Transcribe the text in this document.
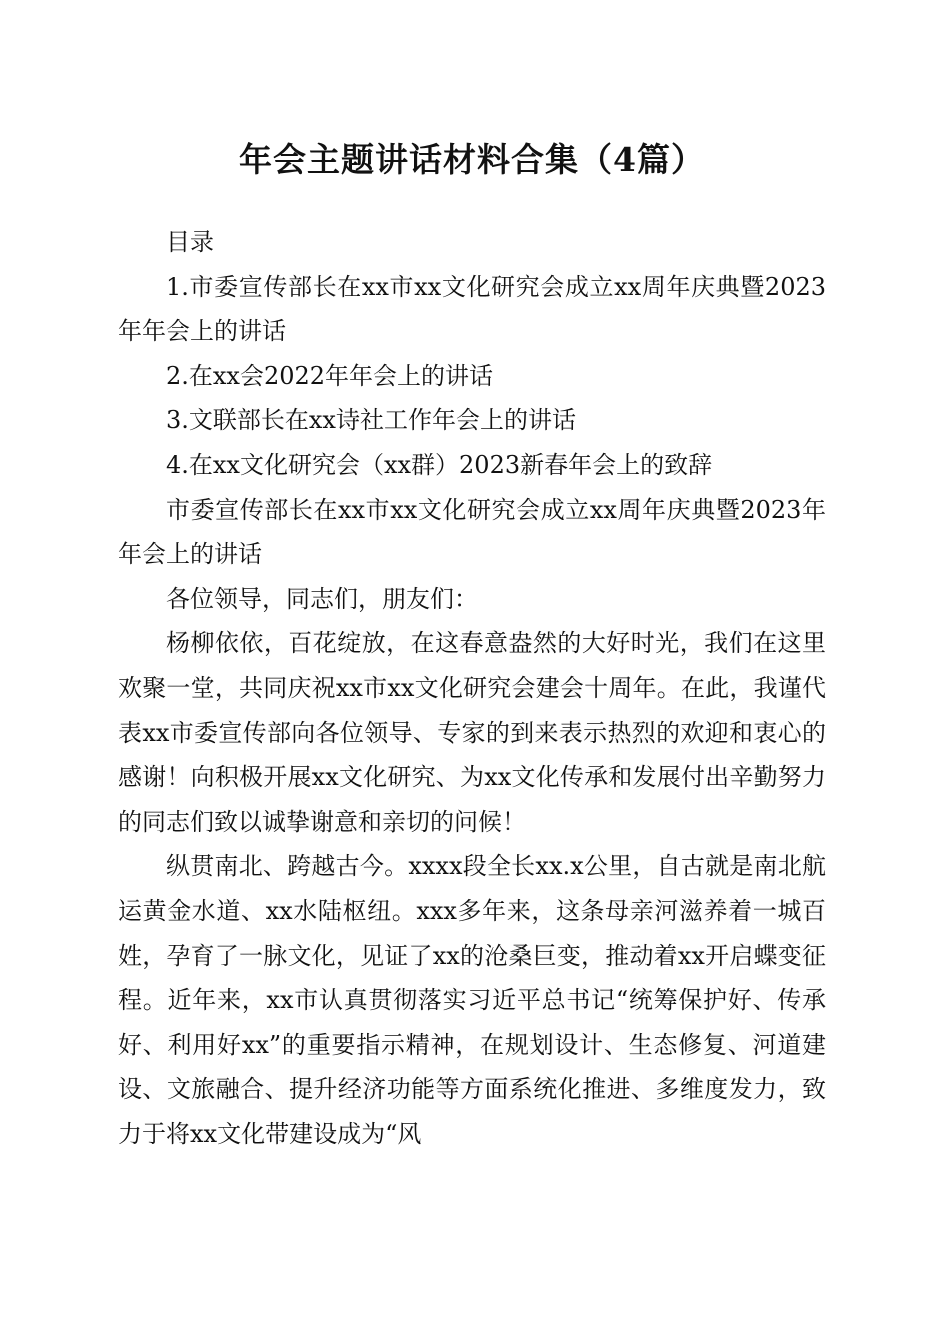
年会主题讲话材料合集（4篇）

目录

1.市委宣传部长在xx市xx文化研究会成立xx周年庆典暨2023年年会上的讲话

2.在xx会2022年年会上的讲话

3.文联部长在xx诗社工作年会上的讲话

4.在xx文化研究会（xx群）2023新春年会上的致辞

市委宣传部长在xx市xx文化研究会成立xx周年庆典暨2023年年会上的讲话

各位领导，同志们，朋友们：

杨柳依依，百花绽放，在这春意盎然的大好时光，我们在这里欢聚一堂，共同庆祝xx市xx文化研究会建会十周年。在此，我谨代表xx市委宣传部向各位领导、专家的到来表示热烈的欢迎和衷心的感谢！向积极开展xx文化研究、为xx文化传承和发展付出辛勤努力的同志们致以诚挚谢意和亲切的问候！

纵贯南北、跨越古今。xxxx段全长xx.x公里，自古就是南北航运黄金水道、xx水陆枢纽。xxx多年来，这条母亲河滋养着一城百姓，孕育了一脉文化，见证了xx的沧桑巨变，推动着xx开启蝶变征程。近年来，xx市认真贯彻落实习近平总书记“统筹保护好、传承好、利用好xx”的重要指示精神，在规划设计、生态修复、河道建设、文旅融合、提升经济功能等方面系统化推进、多维度发力，致力于将xx文化带建设成为“风
